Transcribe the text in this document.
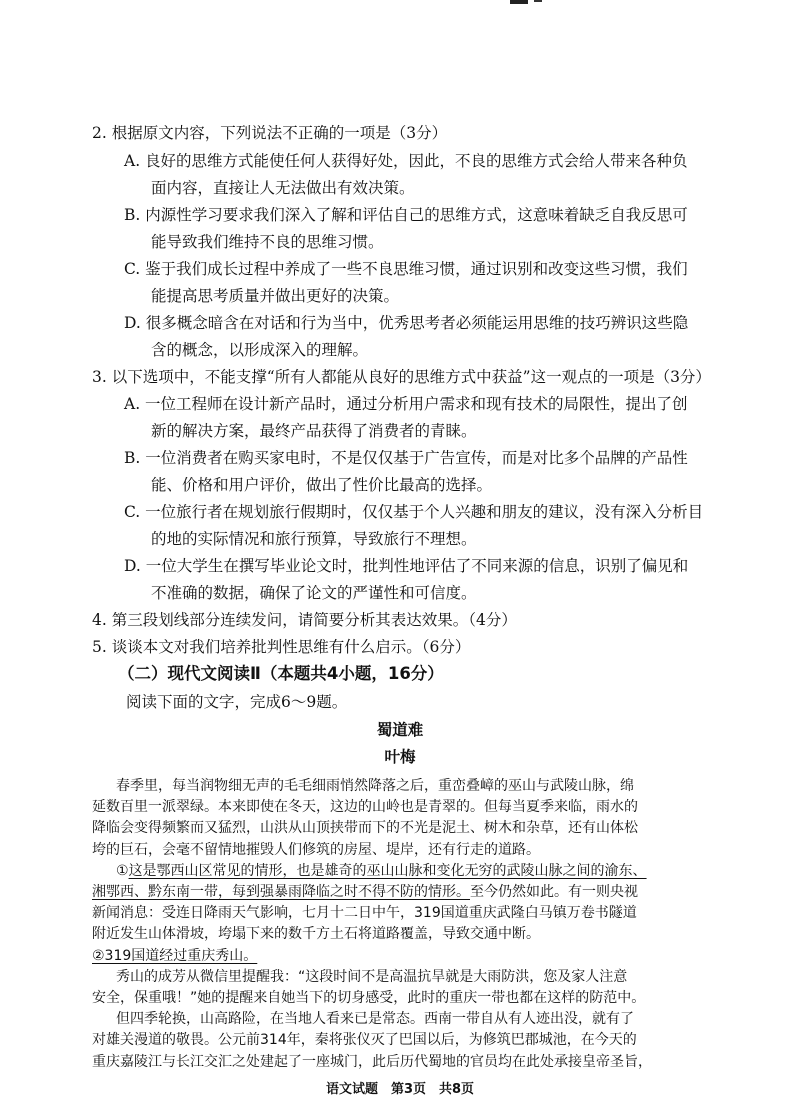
2. 根据原文内容，下列说法不正确的一项是（3分）
A. 良好的思维方式能使任何人获得好处，因此，不良的思维方式会给人带来各种负
面内容，直接让人无法做出有效决策。
B. 内源性学习要求我们深入了解和评估自己的思维方式，这意味着缺乏自我反思可
能导致我们维持不良的思维习惯。
C. 鉴于我们成长过程中养成了一些不良思维习惯，通过识别和改变这些习惯，我们
能提高思考质量并做出更好的决策。
D. 很多概念暗含在对话和行为当中，优秀思考者必须能运用思维的技巧辨识这些隐
含的概念，以形成深入的理解。
3. 以下选项中，不能支撑“所有人都能从良好的思维方式中获益”这一观点的一项是（3分）
A. 一位工程师在设计新产品时，通过分析用户需求和现有技术的局限性，提出了创
新的解决方案，最终产品获得了消费者的青睐。
B. 一位消费者在购买家电时，不是仅仅基于广告宣传，而是对比多个品牌的产品性
能、价格和用户评价，做出了性价比最高的选择。
C. 一位旅行者在规划旅行假期时，仅仅基于个人兴趣和朋友的建议，没有深入分析目
的地的实际情况和旅行预算，导致旅行不理想。
D. 一位大学生在撰写毕业论文时，批判性地评估了不同来源的信息，识别了偏见和
不准确的数据，确保了论文的严谨性和可信度。
4. 第三段划线部分连续发问，请简要分析其表达效果。（4分）
5. 谈谈本文对我们培养批判性思维有什么启示。（6分）
（二）现代文阅读Ⅱ（本题共4小题，16分）
阅读下面的文字，完成6～9题。
蜀道难
叶梅
春季里，每当润物细无声的毛毛细雨悄然降落之后，重峦叠嶂的巫山与武陵山脉，绵
延数百里一派翠绿。本来即使在冬天，这边的山岭也是青翠的。但每当夏季来临，雨水的
降临会变得频繁而又猛烈，山洪从山顶挟带而下的不光是泥土、树木和杂草，还有山体松
垮的巨石，会毫不留情地摧毁人们修筑的房屋、堤岸，还有行走的道路。
①这是鄂西山区常见的情形，也是雄奇的巫山山脉和变化无穷的武陵山脉之间的渝东、
湘鄂西、黔东南一带，每到强暴雨降临之时不得不防的情形。至今仍然如此。有一则央视
新闻消息：受连日降雨天气影响，七月十二日中午，319国道重庆武隆白马镇万卷书隧道
附近发生山体滑坡，垮塌下来的数千方土石将道路覆盖，导致交通中断。
②319国道经过重庆秀山。
秀山的成芳从微信里提醒我：“这段时间不是高温抗旱就是大雨防洪，您及家人注意
语文试题　第3页　共8页
安全，保重哦！”她的提醒来自她当下的切身感受，此时的重庆一带也都在这样的防范中。
但四季轮换，山高路险，在当地人看来已是常态。西南一带自从有人迹出没，就有了
对雄关漫道的敬畏。公元前314年，秦将张仪灭了巴国以后，为修筑巴郡城池，在今天的
重庆嘉陵江与长江交汇之处建起了一座城门，此后历代蜀地的官员均在此处承接皇帝圣旨，
